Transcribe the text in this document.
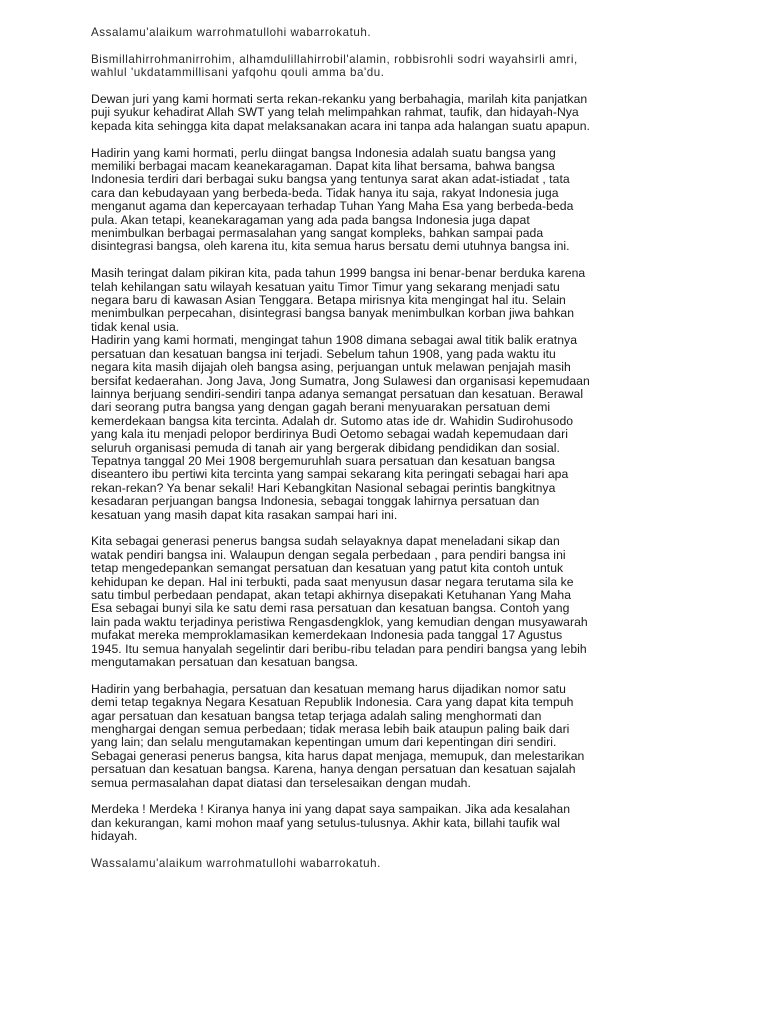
Assalamu'alaikum warrohmatullohi wabarrokatuh.

Bismillahirrohmanirrohim, alhamdulillahirrobil'alamin, robbisrohli sodri wayahsirli amri,
wahlul 'ukdatammillisani yafqohu qouli amma ba'du.

Dewan juri yang kami hormati serta rekan-rekanku yang berbahagia, marilah kita panjatkan
puji syukur kehadirat Allah SWT yang telah melimpahkan rahmat, taufik, dan hidayah-Nya
kepada kita sehingga kita dapat melaksanakan acara ini tanpa ada halangan suatu apapun.

Hadirin yang kami hormati, perlu diingat bangsa Indonesia adalah suatu bangsa yang
memiliki berbagai macam keanekaragaman. Dapat kita lihat bersama, bahwa bangsa
Indonesia terdiri dari berbagai suku bangsa yang tentunya sarat akan adat-istiadat , tata
cara dan kebudayaan yang berbeda-beda. Tidak hanya itu saja, rakyat Indonesia juga
menganut agama dan kepercayaan terhadap Tuhan Yang Maha Esa yang berbeda-beda
pula. Akan tetapi, keanekaragaman yang ada pada bangsa Indonesia juga dapat
menimbulkan berbagai permasalahan yang sangat kompleks, bahkan sampai pada
disintegrasi bangsa, oleh karena itu, kita semua harus bersatu demi utuhnya bangsa ini.

Masih teringat dalam pikiran kita, pada tahun 1999 bangsa ini benar-benar berduka karena
telah kehilangan satu wilayah kesatuan yaitu Timor Timur yang sekarang menjadi satu
negara baru di kawasan Asian Tenggara. Betapa mirisnya kita mengingat hal itu. Selain
menimbulkan perpecahan, disintegrasi bangsa banyak menimbulkan korban jiwa bahkan
tidak kenal usia.

Hadirin yang kami hormati, mengingat tahun 1908 dimana sebagai awal titik balik eratnya
persatuan dan kesatuan bangsa ini terjadi. Sebelum tahun 1908, yang pada waktu itu
negara kita masih dijajah oleh bangsa asing, perjuangan untuk melawan penjajah masih
bersifat kedaerahan. Jong Java, Jong Sumatra, Jong Sulawesi dan organisasi kepemudaan
lainnya berjuang sendiri-sendiri tanpa adanya semangat persatuan dan kesatuan. Berawal
dari seorang putra bangsa yang dengan gagah berani menyuarakan persatuan demi
kemerdekaan bangsa kita tercinta. Adalah dr. Sutomo atas ide dr. Wahidin Sudirohusodo
yang kala itu menjadi pelopor berdirinya Budi Oetomo sebagai wadah kepemudaan dari
seluruh organisasi pemuda di tanah air yang bergerak dibidang pendidikan dan sosial.
Tepatnya tanggal 20 Mei 1908 bergemuruhlah suara persatuan dan kesatuan bangsa
diseantero ibu pertiwi kita tercinta yang sampai sekarang kita peringati sebagai hari apa
rekan-rekan? Ya benar sekali! Hari Kebangkitan Nasional sebagai perintis bangkitnya
kesadaran perjuangan bangsa Indonesia, sebagai tonggak lahirnya persatuan dan
kesatuan yang masih dapat kita rasakan sampai hari ini.

Kita sebagai generasi penerus bangsa sudah selayaknya dapat meneladani sikap dan
watak pendiri bangsa ini. Walaupun dengan segala perbedaan , para pendiri bangsa ini
tetap mengedepankan semangat persatuan dan kesatuan yang patut kita contoh untuk
kehidupan ke depan. Hal ini terbukti, pada saat menyusun dasar negara terutama sila ke
satu timbul perbedaan pendapat, akan tetapi akhirnya disepakati Ketuhanan Yang Maha
Esa sebagai bunyi sila ke satu demi rasa persatuan dan kesatuan bangsa. Contoh yang
lain pada waktu terjadinya peristiwa Rengasdengklok, yang kemudian dengan musyawarah
mufakat mereka memproklamasikan kemerdekaan Indonesia pada tanggal 17 Agustus
1945. Itu semua hanyalah segelintir dari beribu-ribu teladan para pendiri bangsa yang lebih
mengutamakan persatuan dan kesatuan bangsa.

Hadirin yang berbahagia, persatuan dan kesatuan memang harus dijadikan nomor satu
demi tetap tegaknya Negara Kesatuan Republik Indonesia. Cara yang dapat kita tempuh
agar persatuan dan kesatuan bangsa tetap terjaga adalah saling menghormati dan
menghargai dengan semua perbedaan; tidak merasa lebih baik ataupun paling baik dari
yang lain; dan selalu mengutamakan kepentingan umum dari kepentingan diri sendiri.
Sebagai generasi penerus bangsa, kita harus dapat menjaga, memupuk, dan melestarikan
persatuan dan kesatuan bangsa. Karena, hanya dengan persatuan dan kesatuan sajalah
semua permasalahan dapat diatasi dan terselesaikan dengan mudah.

Merdeka ! Merdeka ! Kiranya hanya ini yang dapat saya sampaikan. Jika ada kesalahan
dan kekurangan, kami mohon maaf yang setulus-tulusnya. Akhir kata, billahi taufik wal
hidayah.

Wassalamu'alaikum warrohmatullohi wabarrokatuh.
